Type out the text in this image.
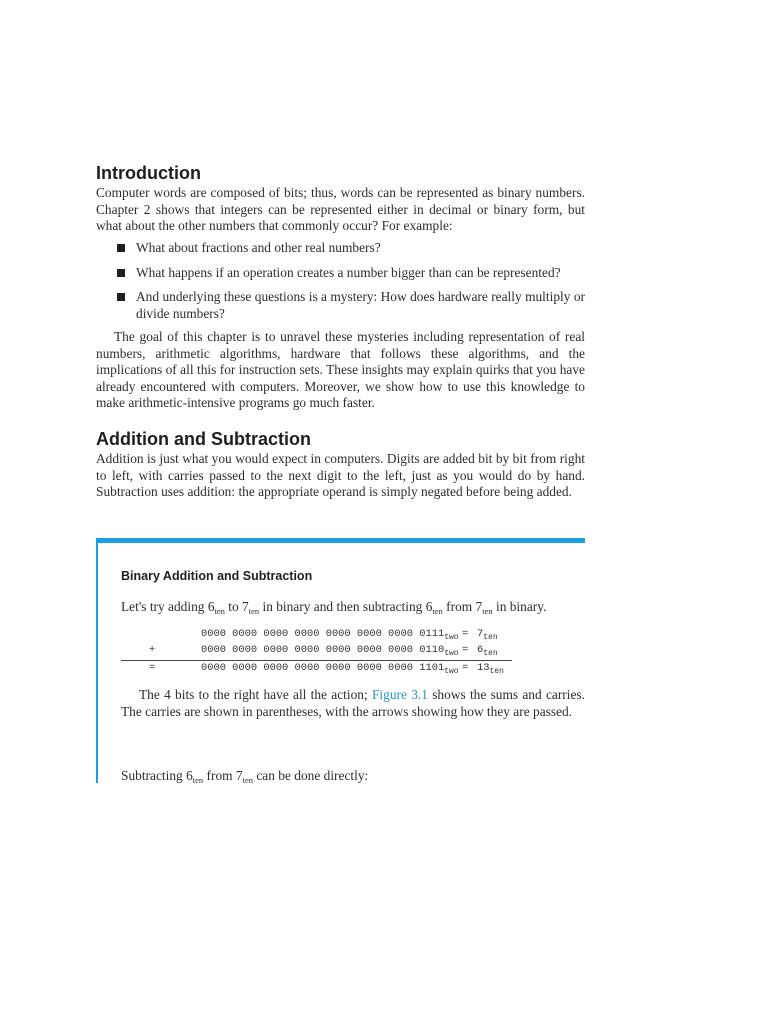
Introduction

Computer words are composed of bits; thus, words can be represented as binary numbers. Chapter 2 shows that integers can be represented either in decimal or binary form, but what about the other numbers that commonly occur? For example:

What about fractions and other real numbers?
What happens if an operation creates a number bigger than can be represented?
And underlying these questions is a mystery: How does hardware really multiply or divide numbers?

The goal of this chapter is to unravel these mysteries including representation of real numbers, arithmetic algorithms, hardware that follows these algorithms, and the implications of all this for instruction sets. These insights may explain quirks that you have already encountered with computers. Moreover, we show how to use this knowledge to make arithmetic-intensive programs go much faster.

Addition and Subtraction

Addition is just what you would expect in computers. Digits are added bit by bit from right to left, with carries passed to the next digit to the left, just as you would do by hand. Subtraction uses addition: the appropriate operand is simply negated before being added.

Binary Addition and Subtraction

Let's try adding $6_{ten}$ to $7_{ten}$ in binary and then subtracting $6_{ten}$ from $7_{ten}$ in binary.

0000 0000 0000 0000 0000 0000 0000 $0111_{two} = 7_{ten}$
+	0000 0000 0000 0000 0000 0000 0000 $0110_{two} = 6_{ten}$
=	0000 0000 0000 0000 0000 0000 0000 $1101_{two} = 13_{ten}$

The 4 bits to the right have all the action; Figure 3.1 shows the sums and carries. The carries are shown in parentheses, with the arrows showing how they are passed.

Subtracting $6_{ten}$ from $7_{ten}$ can be done directly:
